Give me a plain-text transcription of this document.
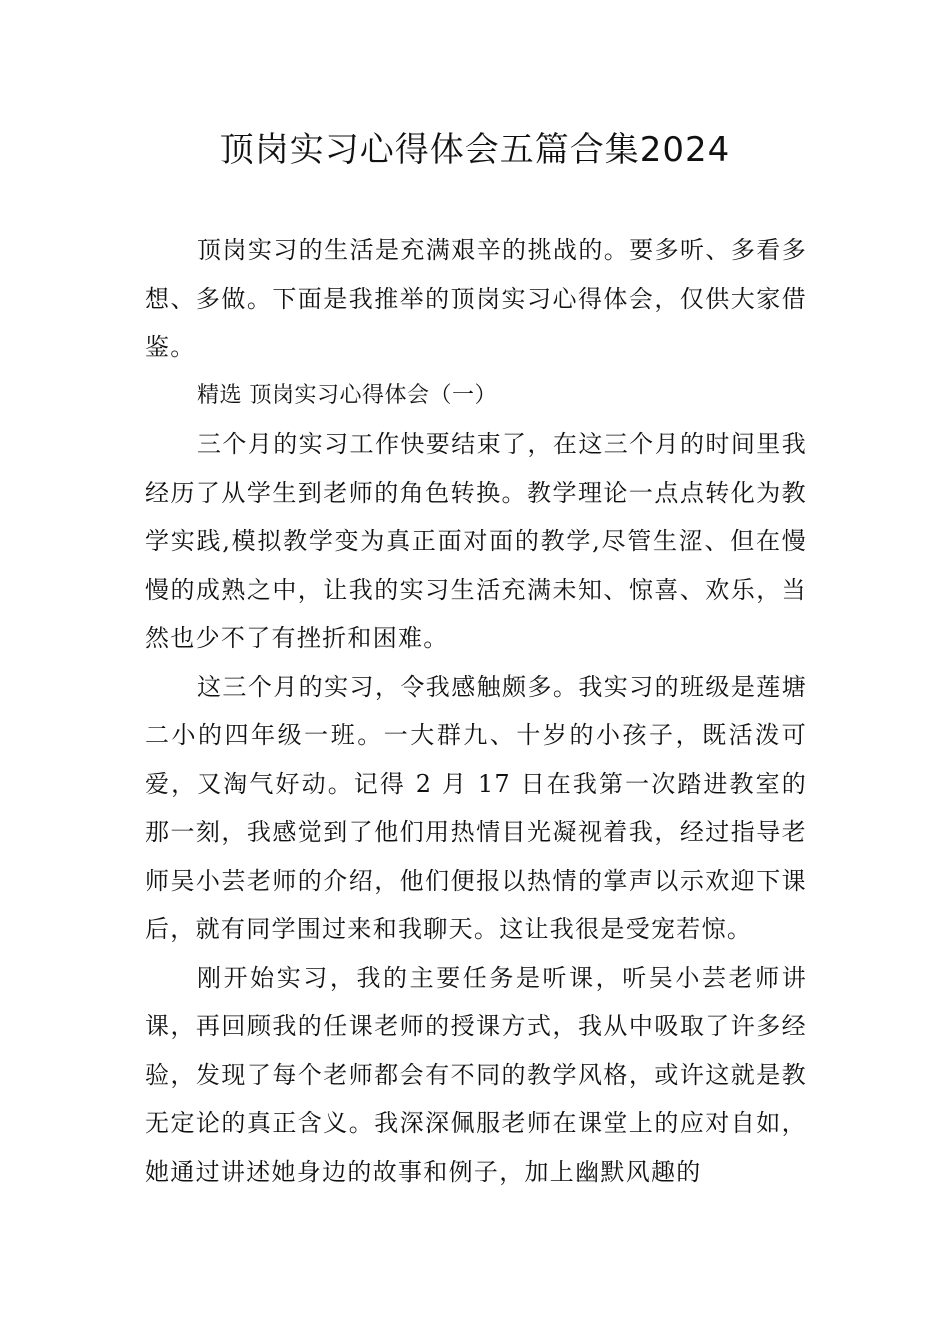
顶岗实习心得体会五篇合集2024

顶岗实习的生活是充满艰辛的挑战的。要多听、多看多想、多做。下面是我推举的顶岗实习心得体会，仅供大家借鉴。

精选 顶岗实习心得体会（一）

三个月的实习工作快要结束了，在这三个月的时间里我经历了从学生到老师的角色转换。教学理论一点点转化为教学实践,模拟教学变为真正面对面的教学,尽管生涩、但在慢慢的成熟之中，让我的实习生活充满未知、惊喜、欢乐，当然也少不了有挫折和困难。

这三个月的实习，令我感触颇多。我实习的班级是莲塘二小的四年级一班。一大群九、十岁的小孩子，既活泼可爱，又淘气好动。记得 2 月 17 日在我第一次踏进教室的那一刻，我感觉到了他们用热情目光凝视着我，经过指导老师吴小芸老师的介绍，他们便报以热情的掌声以示欢迎下课后，就有同学围过来和我聊天。这让我很是受宠若惊。

刚开始实习，我的主要任务是听课，听吴小芸老师讲课，再回顾我的任课老师的授课方式，我从中吸取了许多经验，发现了每个老师都会有不同的教学风格，或许这就是教无定论的真正含义。我深深佩服老师在课堂上的应对自如，她通过讲述她身边的故事和例子，加上幽默风趣的
